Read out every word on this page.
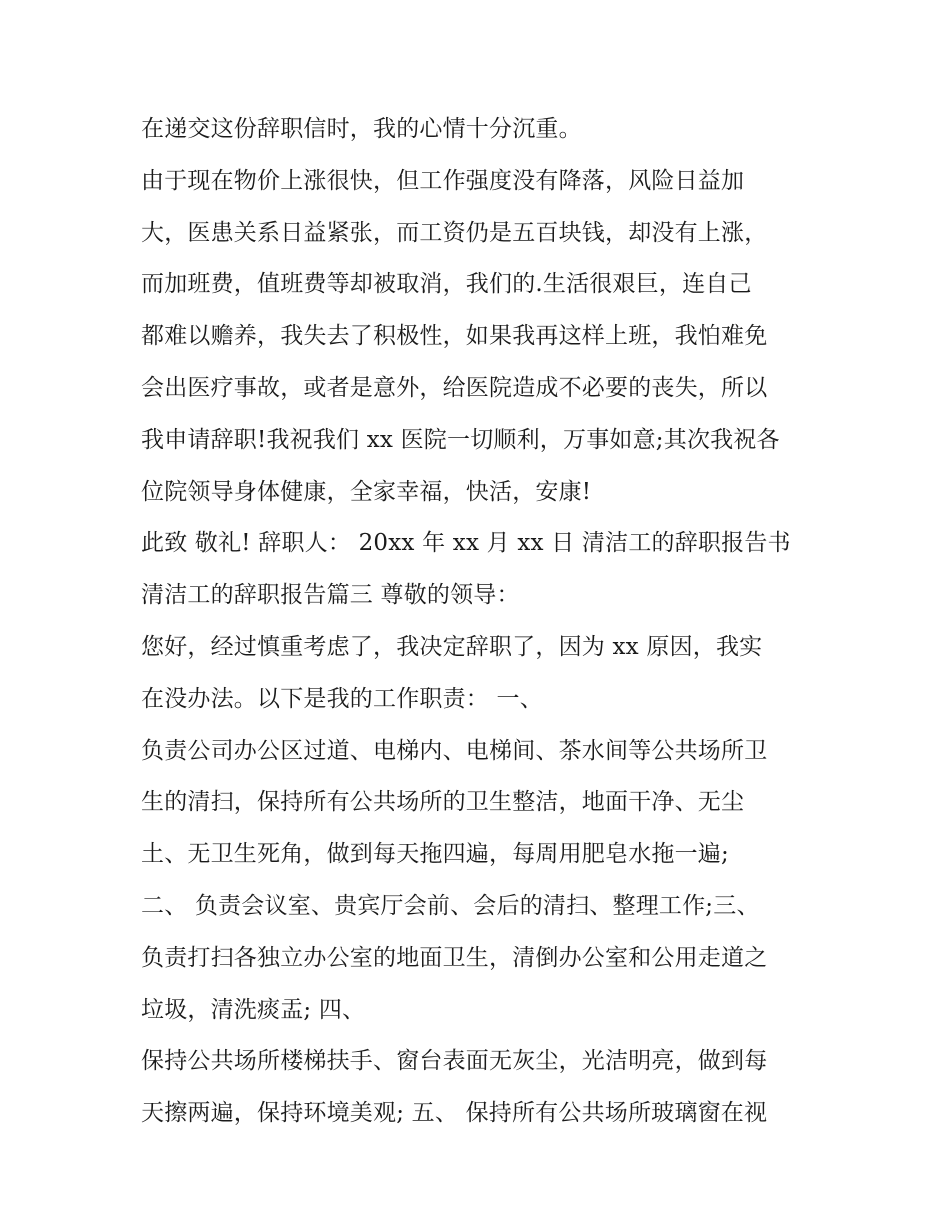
在递交这份辞职信时，我的心情十分沉重。
由于现在物价上涨很快，但工作强度没有降落，风险日益加
大，医患关系日益紧张，而工资仍是五百块钱，却没有上涨，
而加班费，值班费等却被取消，我们的.生活很艰巨，连自己
都难以赡养，我失去了积极性，如果我再这样上班，我怕难免
会出医疗事故，或者是意外，给医院造成不必要的丧失，所以
我申请辞职!我祝我们 xx 医院一切顺利，万事如意;其次我祝各
位院领导身体健康，全家幸福，快活，安康!
此致 敬礼! 辞职人： 20xx 年 xx 月 xx 日 清洁工的辞职报告书
清洁工的辞职报告篇三 尊敬的领导：
您好，经过慎重考虑了，我决定辞职了，因为 xx 原因，我实
在没办法。以下是我的工作职责： 一、
负责公司办公区过道、电梯内、电梯间、茶水间等公共场所卫
生的清扫，保持所有公共场所的卫生整洁，地面干净、无尘
土、无卫生死角，做到每天拖四遍，每周用肥皂水拖一遍;
二、 负责会议室、贵宾厅会前、会后的清扫、整理工作;三、
负责打扫各独立办公室的地面卫生，清倒办公室和公用走道之
垃圾，清洗痰盂; 四、
保持公共场所楼梯扶手、窗台表面无灰尘，光洁明亮，做到每
天擦两遍，保持环境美观; 五、 保持所有公共场所玻璃窗在视
